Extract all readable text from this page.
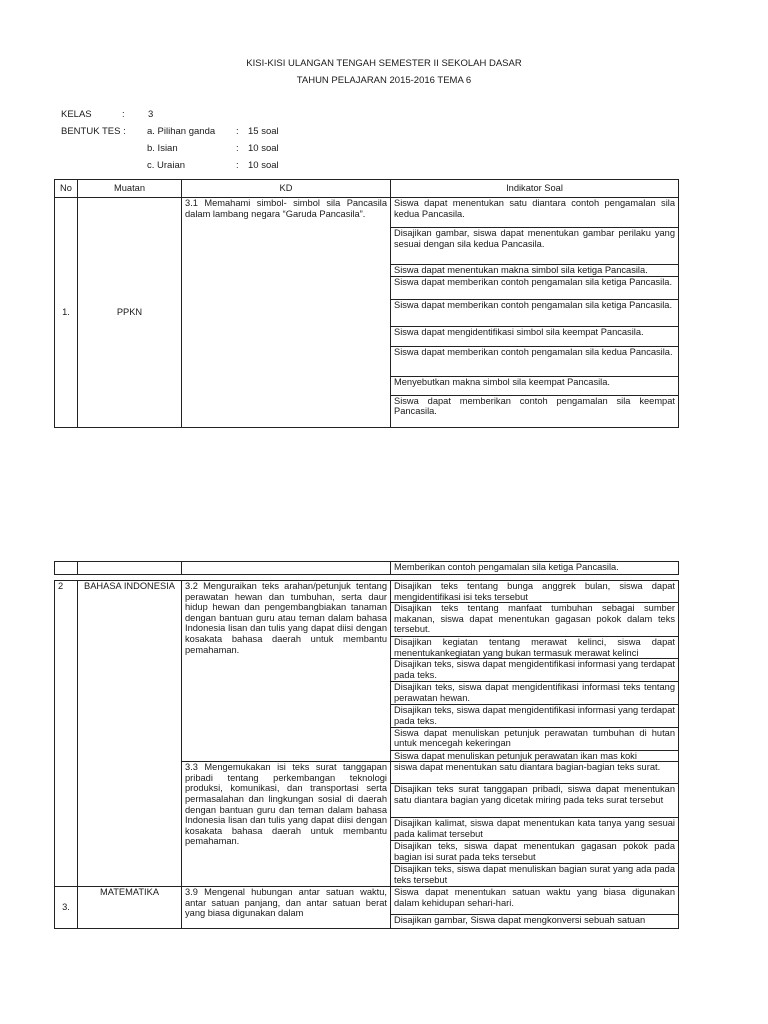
KISI-KISI ULANGAN TENGAH SEMESTER II SEKOLAH DASAR
TAHUN PELAJARAN 2015-2016 TEMA 6
KELAS	: 3
BENTUK TES : a. Pilihan ganda : 15 soal
b. Isian	: 10 soal
c. Uraian	: 10 soal
No	Muatan	KD	Indikator Soal
1.	PPKN	3.1 Memahami simbol- simbol sila Pancasila dalam lambang negara “Garuda Pancasila”.	Siswa dapat menentukan satu diantara contoh pengamalan sila kedua Pancasila.
			Disajikan gambar, siswa dapat menentukan gambar perilaku yang sesuai dengan sila kedua Pancasila.
			Siswa dapat menentukan makna simbol sila ketiga Pancasila.
			Siswa dapat memberikan contoh pengamalan sila ketiga Pancasila.
			Siswa dapat memberikan contoh pengamalan sila ketiga Pancasila.
			Siswa dapat mengidentifikasi simbol sila keempat Pancasila.
			Siswa dapat memberikan contoh pengamalan sila kedua Pancasila.
			Menyebutkan makna simbol sila keempat Pancasila.
			Siswa dapat memberikan contoh pengamalan sila keempat Pancasila.
			Memberikan contoh pengamalan sila ketiga Pancasila.

2	BAHASA INDONESIA	3.2 Menguraikan teks arahan/petunjuk tentang perawatan hewan dan tumbuhan, serta daur hidup hewan dan pengembangbiakan tanaman dengan bantuan guru atau teman dalam bahasa Indonesia lisan dan tulis yang dapat diisi dengan kosakata bahasa daerah untuk membantu pemahaman.	Disajikan teks tentang bunga anggrek bulan, siswa dapat mengidentifikasi isi teks tersebut
			Disajikan teks tentang manfaat tumbuhan sebagai sumber makanan, siswa dapat menentukan gagasan pokok dalam teks tersebut.
			Disajikan kegiatan tentang merawat kelinci, siswa dapat menentukankegiatan yang bukan termasuk merawat kelinci
			Disajikan teks, siswa dapat mengidentifikasi informasi yang terdapat pada teks.
			Disajikan teks, siswa dapat mengidentifikasi informasi teks tentang perawatan hewan.
			Disajikan teks, siswa dapat mengidentifikasi informasi yang terdapat pada teks.
			Siswa dapat menuliskan petunjuk perawatan tumbuhan di hutan untuk mencegah kekeringan
			Siswa dapat menuliskan petunjuk perawatan ikan mas koki
		3.3 Mengemukakan isi teks surat tanggapan pribadi tentang perkembangan teknologi produksi, komunikasi, dan transportasi serta permasalahan dan lingkungan sosial di daerah dengan bantuan guru dan teman dalam bahasa Indonesia lisan dan tulis yang dapat diisi dengan kosakata bahasa daerah untuk membantu pemahaman.	siswa dapat menentukan satu diantara bagian-bagian teks surat.
			Disajikan teks surat tanggapan pribadi, siswa dapat menentukan satu diantara bagian yang dicetak miring pada teks surat tersebut
			Disajikan kalimat, siswa dapat menentukan kata tanya yang sesuai pada kalimat tersebut
			Disajikan teks, siswa dapat menentukan gagasan pokok pada bagian isi surat pada teks tersebut
			Disajikan teks, siswa dapat menuliskan bagian surat yang ada pada teks tersebut
3.	MATEMATIKA	3.9 Mengenal hubungan antar satuan waktu, antar satuan panjang, dan antar satuan berat yang biasa digunakan dalam	Siswa dapat menentukan satuan waktu yang biasa digunakan dalam kehidupan sehari-hari.
			Disajikan gambar, Siswa dapat mengkonversi sebuah satuan
